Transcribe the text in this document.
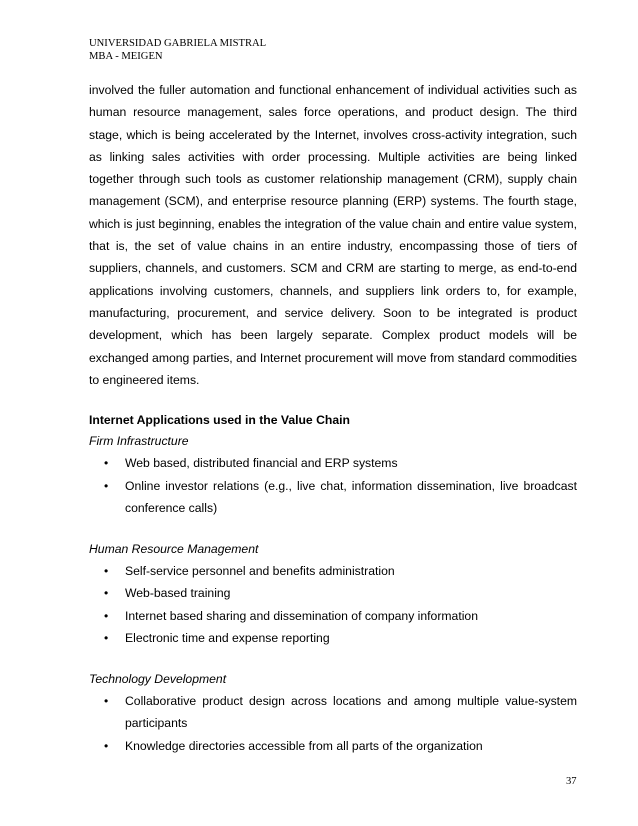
UNIVERSIDAD GABRIELA MISTRAL
MBA - MEIGEN

involved the fuller automation and functional enhancement of individual activities such as human resource management, sales force operations, and product design. The third stage, which is being accelerated by the Internet, involves cross-activity integration, such as linking sales activities with order processing. Multiple activities are being linked together through such tools as customer relationship management (CRM), supply chain management (SCM), and enterprise resource planning (ERP) systems. The fourth stage, which is just beginning, enables the integration of the value chain and entire value system, that is, the set of value chains in an entire industry, encompassing those of tiers of suppliers, channels, and customers. SCM and CRM are starting to merge, as end-to-end applications involving customers, channels, and suppliers link orders to, for example, manufacturing, procurement, and service delivery. Soon to be integrated is product development, which has been largely separate. Complex product models will be exchanged among parties, and Internet procurement will move from standard commodities to engineered items.

Internet Applications used in the Value Chain
Firm Infrastructure
• Web based, distributed financial and ERP systems
• Online investor relations (e.g., live chat, information dissemination, live broadcast conference calls)
Human Resource Management
• Self-service personnel and benefits administration
• Web-based training
• Internet based sharing and dissemination of company information
• Electronic time and expense reporting
Technology Development
• Collaborative product design across locations and among multiple value-system participants
• Knowledge directories accessible from all parts of the organization
37
